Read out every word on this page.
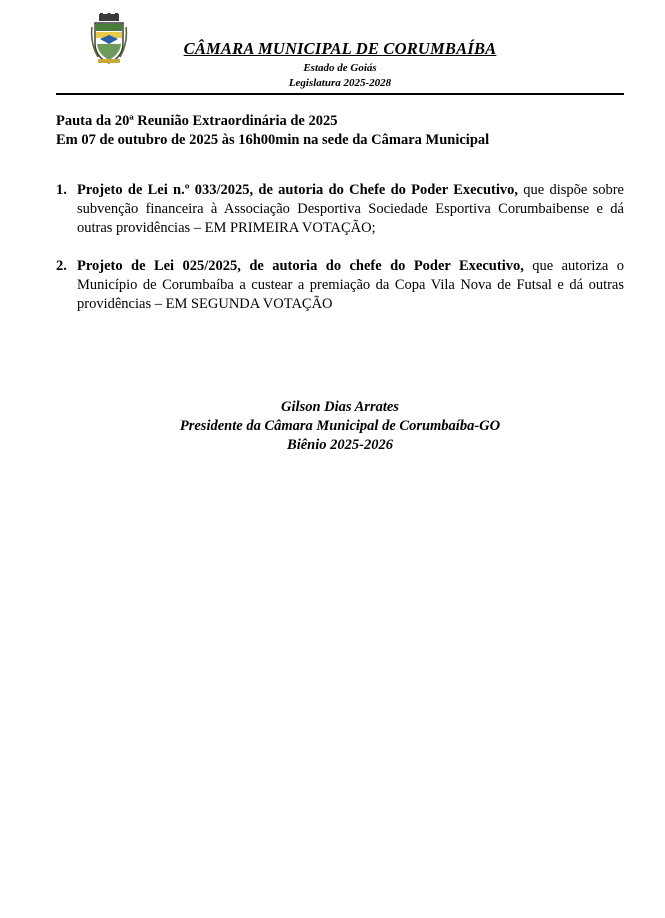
CÂMARA MUNICIPAL DE CORUMBAÍBA
Estado de Goiás
Legislatura 2025-2028
Pauta da 20ª Reunião Extraordinária de 2025
Em 07 de outubro de 2025 às 16h00min na sede da Câmara Municipal
1. Projeto de Lei n.º 033/2025, de autoria do Chefe do Poder Executivo, que dispõe sobre subvenção financeira à Associação Desportiva Sociedade Esportiva Corumbaibense e dá outras providências – EM PRIMEIRA VOTAÇÃO;
2. Projeto de Lei 025/2025, de autoria do chefe do Poder Executivo, que autoriza o Município de Corumbaíba a custear a premiação da Copa Vila Nova de Futsal e dá outras providências – EM SEGUNDA VOTAÇÃO
Gilson Dias Arrates
Presidente da Câmara Municipal de Corumbaíba-GO
Biênio 2025-2026
